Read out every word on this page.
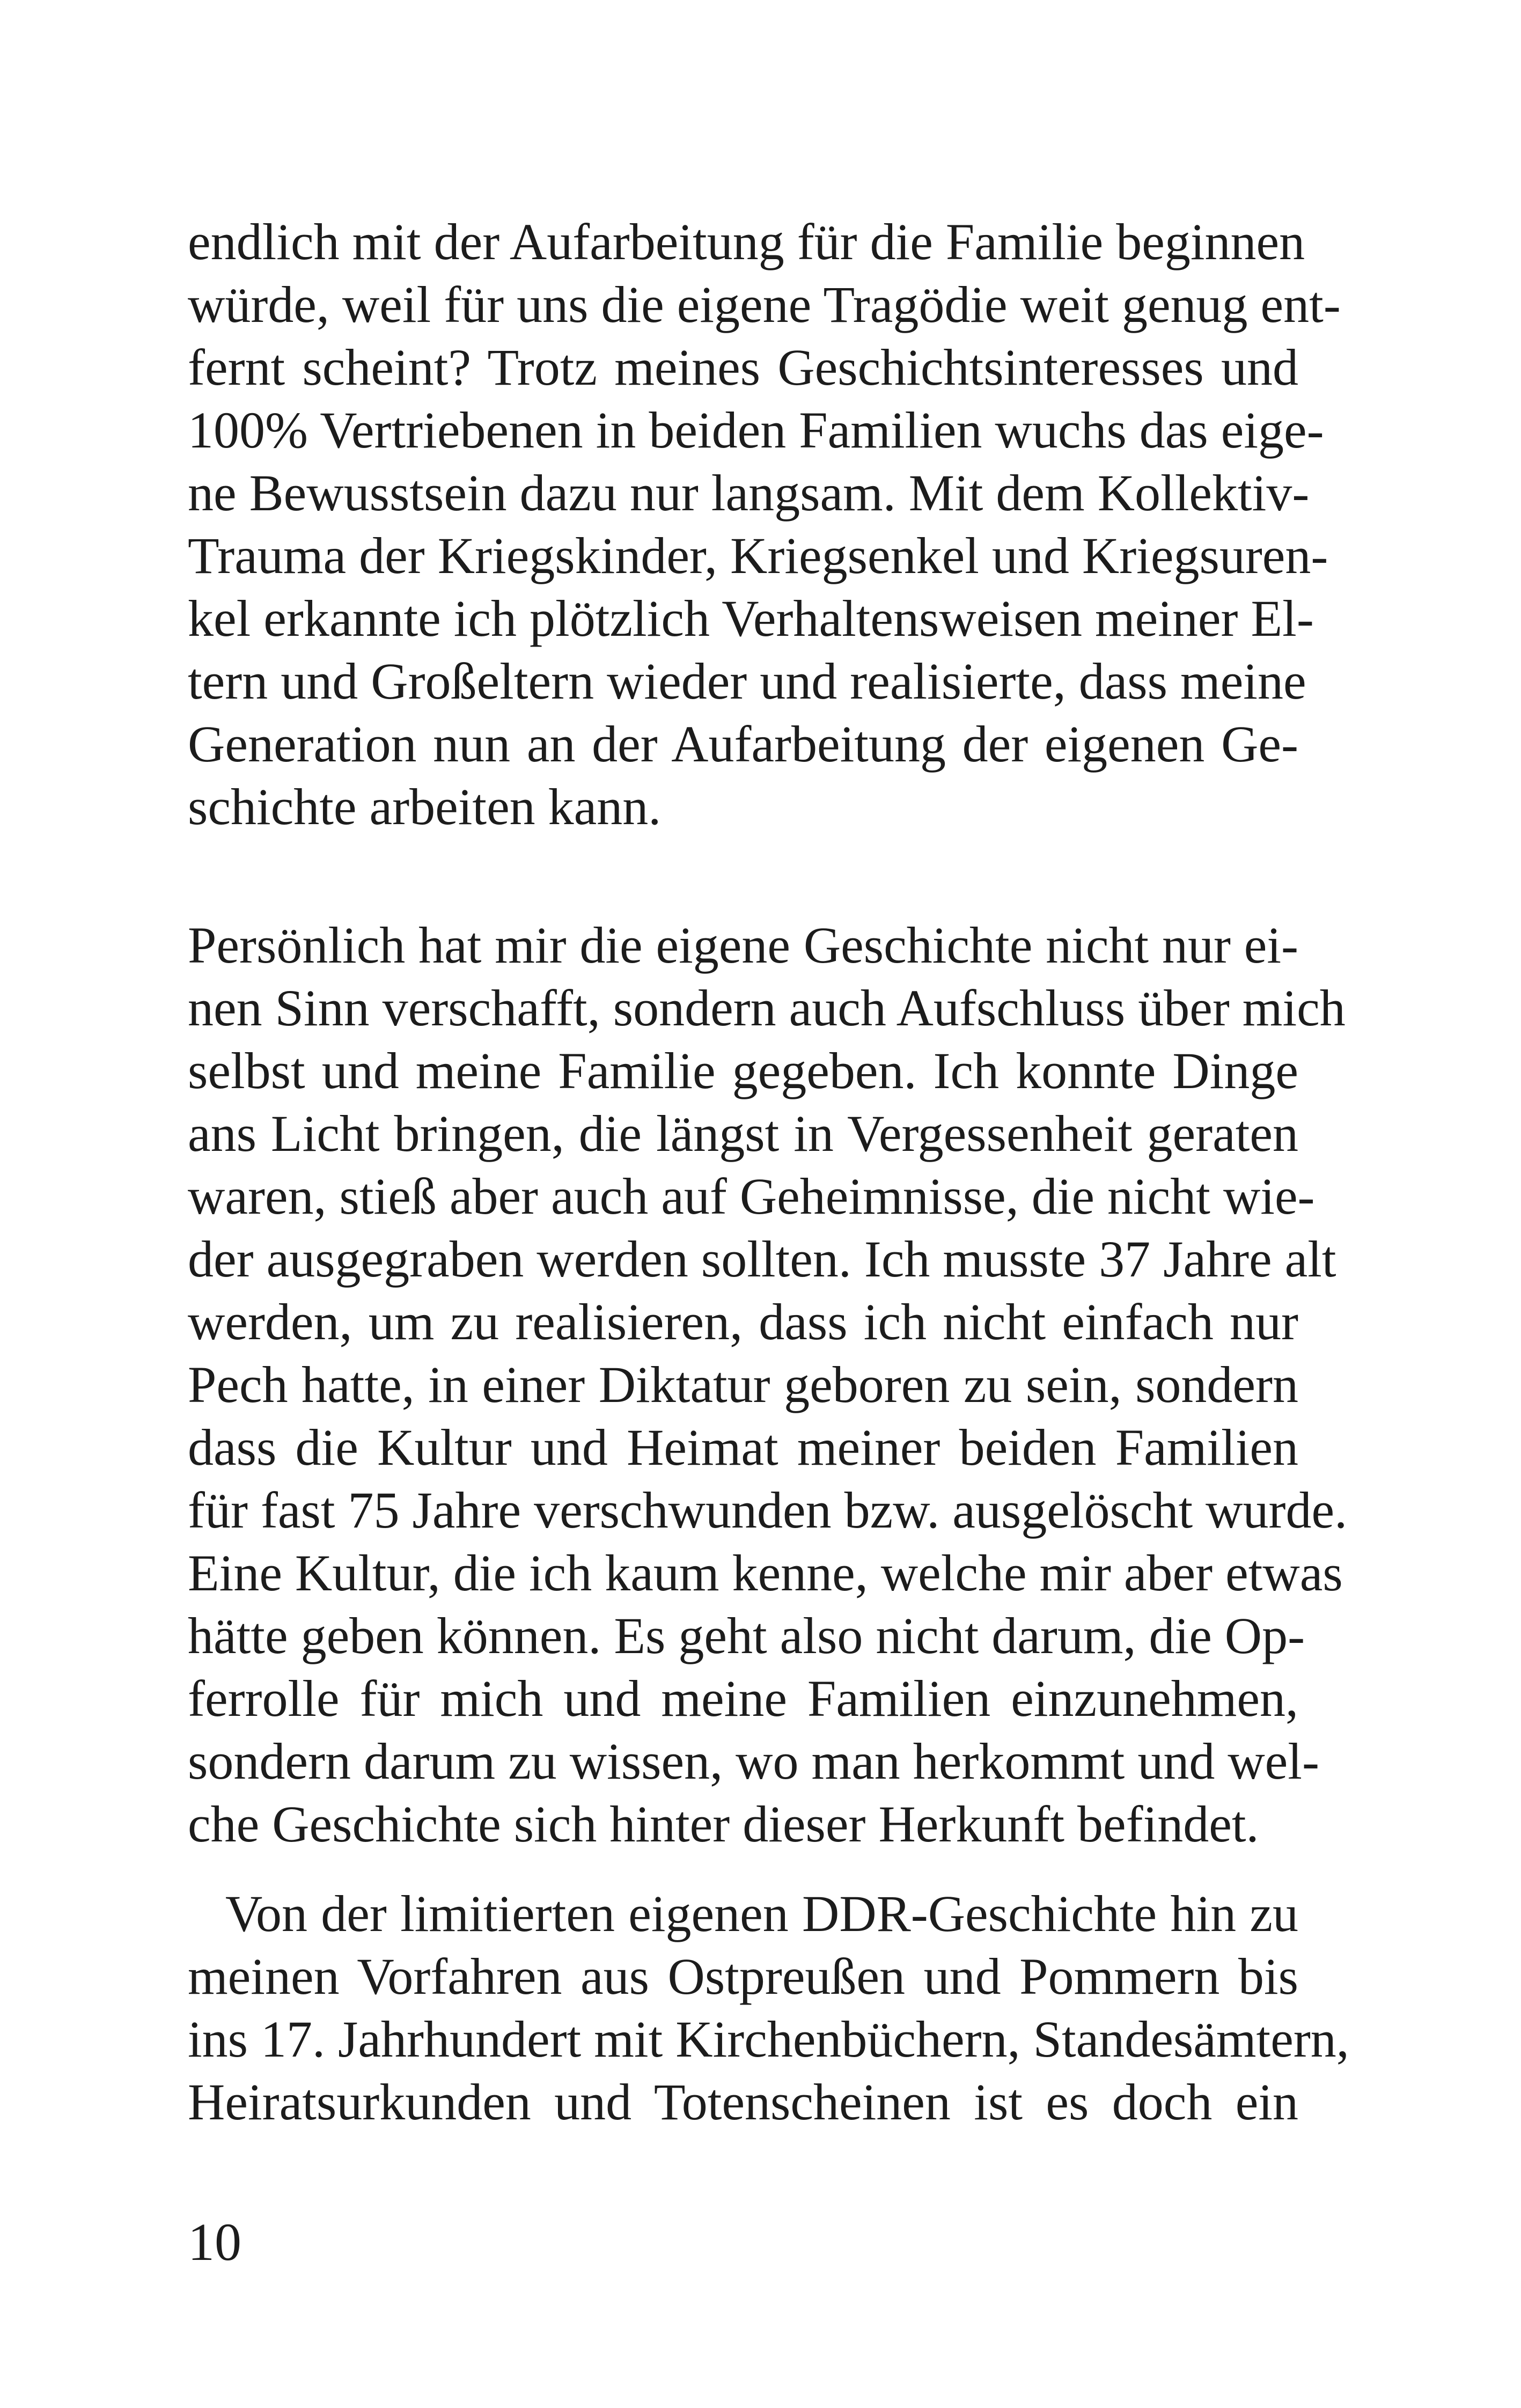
endlich mit der Aufarbeitung für die Familie beginnen
würde, weil für uns die eigene Tragödie weit genug ent-
fernt scheint? Trotz meines Geschichtsinteresses und
100% Vertriebenen in beiden Familien wuchs das eige-
ne Bewusstsein dazu nur langsam. Mit dem Kollektiv-
Trauma der Kriegskinder, Kriegsenkel und Kriegsuren-
kel erkannte ich plötzlich Verhaltensweisen meiner El-
tern und Großeltern wieder und realisierte, dass meine
Generation nun an der Aufarbeitung der eigenen Ge-
schichte arbeiten kann.
Persönlich hat mir die eigene Geschichte nicht nur ei-
nen Sinn verschafft, sondern auch Aufschluss über mich
selbst und meine Familie gegeben. Ich konnte Dinge
ans Licht bringen, die längst in Vergessenheit geraten
waren, stieß aber auch auf Geheimnisse, die nicht wie-
der ausgegraben werden sollten. Ich musste 37 Jahre alt
werden, um zu realisieren, dass ich nicht einfach nur
Pech hatte, in einer Diktatur geboren zu sein, sondern
dass die Kultur und Heimat meiner beiden Familien
für fast 75 Jahre verschwunden bzw. ausgelöscht wurde.
Eine Kultur, die ich kaum kenne, welche mir aber etwas
hätte geben können. Es geht also nicht darum, die Op-
ferrolle für mich und meine Familien einzunehmen,
sondern darum zu wissen, wo man herkommt und wel-
che Geschichte sich hinter dieser Herkunft befindet.
Von der limitierten eigenen DDR-Geschichte hin zu
meinen Vorfahren aus Ostpreußen und Pommern bis
ins 17. Jahrhundert mit Kirchenbüchern, Standesämtern,
Heiratsurkunden und Totenscheinen ist es doch ein
10
